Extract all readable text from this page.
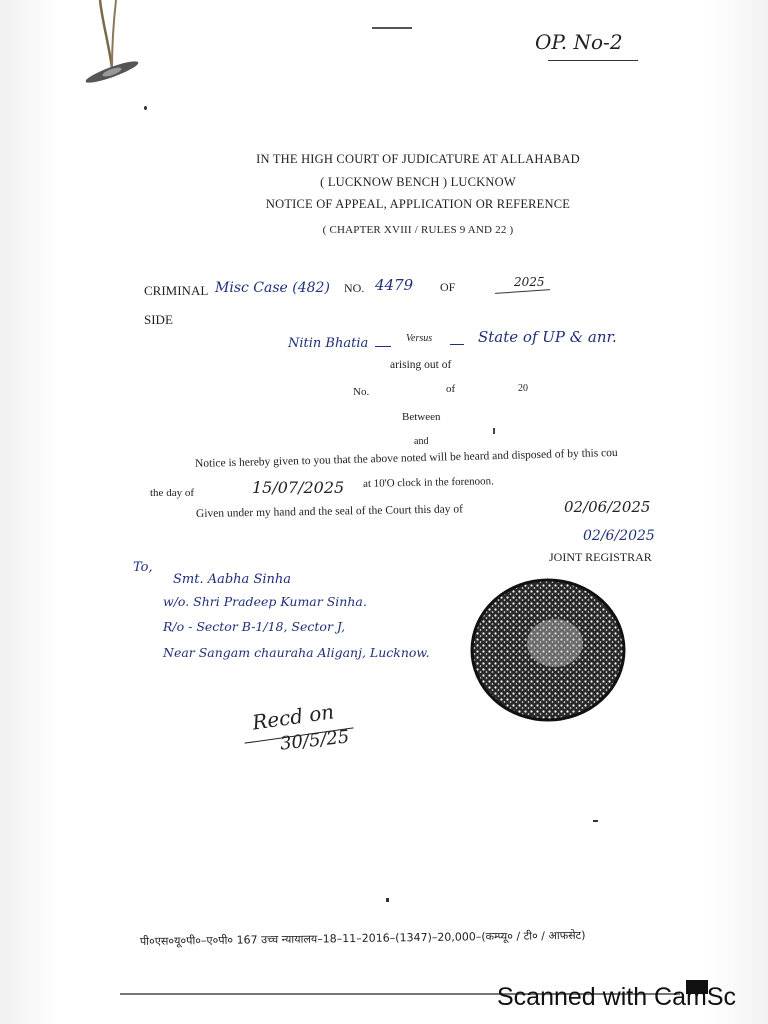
OP. No-2
IN THE HIGH COURT OF JUDICATURE AT ALLAHABAD
( LUCKNOW BENCH ) LUCKNOW
NOTICE OF APPEAL, APPLICATION OR REFERENCE
( CHAPTER XVIII / RULES 9 AND 22 )
CRIMINAL Misc Case (482) NO. 4479 OF	2025
SIDE
Nitin Bhatia	Versus	State of UP & anr.
arising out of
No.	of	20
Between
and
Notice is hereby given to you that the above noted will be heard and disposed of by this cou
the day of	15/07/2025 at 10'O clock in the forenoon.
Given under my hand and the seal of the Court this day of	02/06/2025
02/6/2025
JOINT REGISTRAR
To,
Smt. Aabha Sinha
w/o. Shri Pradeep Kumar Sinha.
R/o - Sector B-1/18, Sector J,
Near Sangam chauraha Aliganj, Lucknow.
Recd on
30/5/25
पी०एस०यू०पी०–ए०पी० 167 उच्च न्यायालय–18–11–2016–(1347)–20,000–(कम्प्यू० / टी० / आफसेट)
Scanned with CamSc
